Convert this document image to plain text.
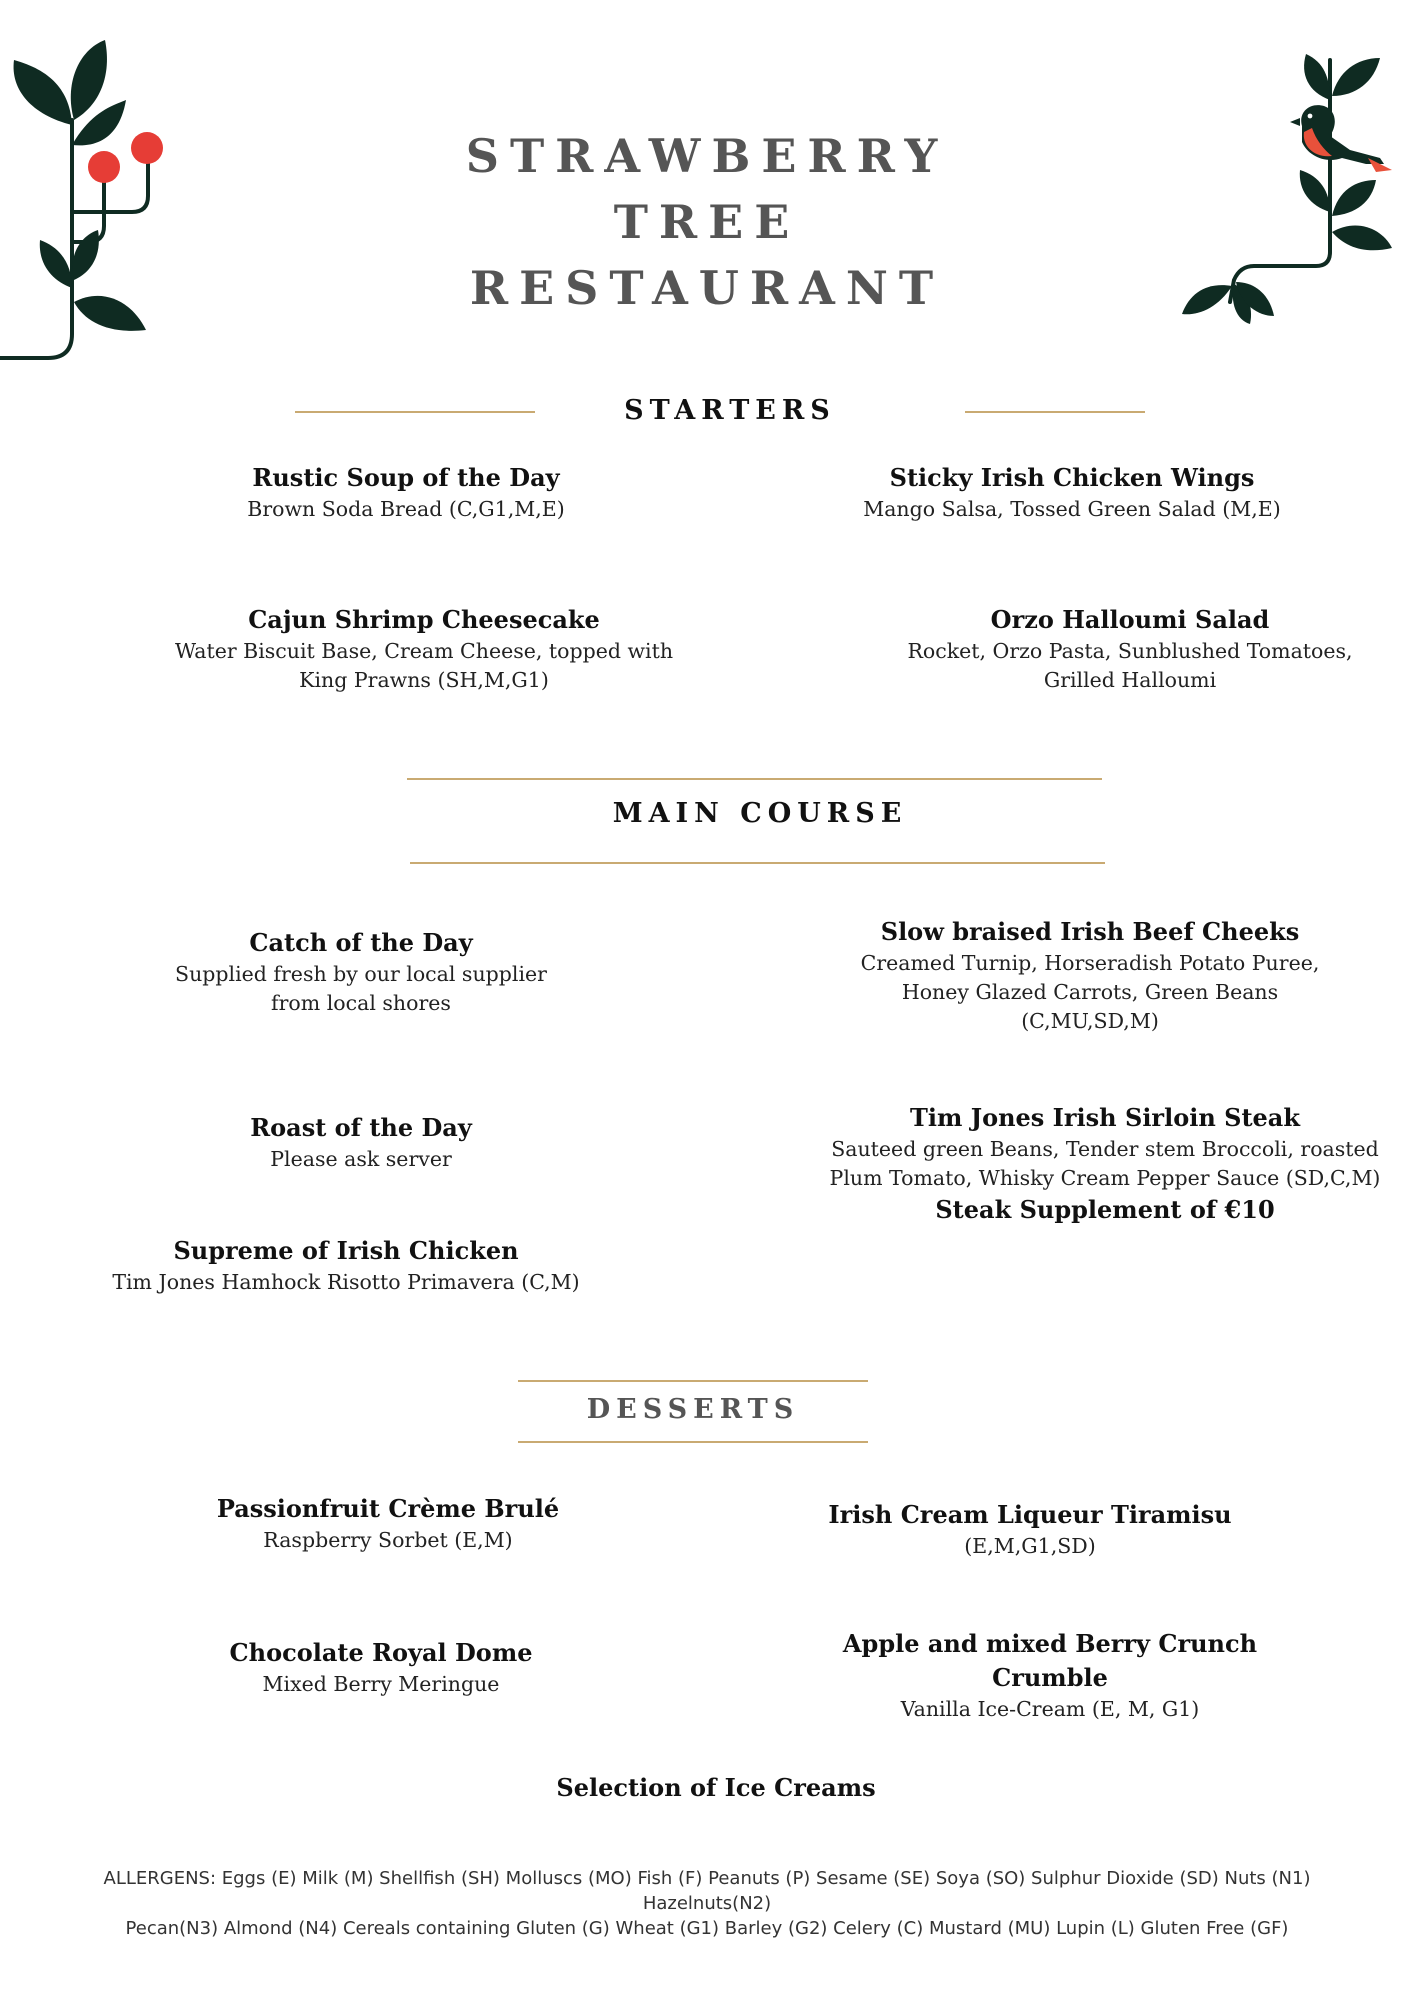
STRAWBERRY
TREE
RESTAURANT
STARTERS
Rustic Soup of the Day
Brown Soda Bread (C,G1,M,E)
Sticky Irish Chicken Wings
Mango Salsa, Tossed Green Salad (M,E)
Cajun Shrimp Cheesecake
Water Biscuit Base, Cream Cheese, topped with King Prawns (SH,M,G1)
Orzo Halloumi Salad
Rocket, Orzo Pasta, Sunblushed Tomatoes, Grilled Halloumi
MAIN COURSE
Catch of the Day
Supplied fresh by our local supplier from local shores
Slow braised Irish Beef Cheeks
Creamed Turnip, Horseradish Potato Puree, Honey Glazed Carrots, Green Beans (C,MU,SD,M)
Roast of the Day
Please ask server
Tim Jones Irish Sirloin Steak
Sauteed green Beans, Tender stem Broccoli, roasted Plum Tomato, Whisky Cream Pepper Sauce (SD,C,M)
Steak Supplement of €10
Supreme of Irish Chicken
Tim Jones Hamhock Risotto Primavera (C,M)
DESSERTS
Passionfruit Crème Brulé
Raspberry Sorbet (E,M)
Irish Cream Liqueur Tiramisu
(E,M,G1,SD)
Chocolate Royal Dome
Mixed Berry Meringue
Apple and mixed Berry Crunch Crumble
Vanilla Ice-Cream (E, M, G1)
Selection of Ice Creams
ALLERGENS: Eggs (E) Milk (M) Shellfish (SH) Molluscs (MO) Fish (F) Peanuts (P) Sesame (SE) Soya (SO) Sulphur Dioxide (SD) Nuts (N1) Hazelnuts(N2)
Pecan(N3) Almond (N4) Cereals containing Gluten (G) Wheat (G1) Barley (G2) Celery (C) Mustard (MU) Lupin (L) Gluten Free (GF)
